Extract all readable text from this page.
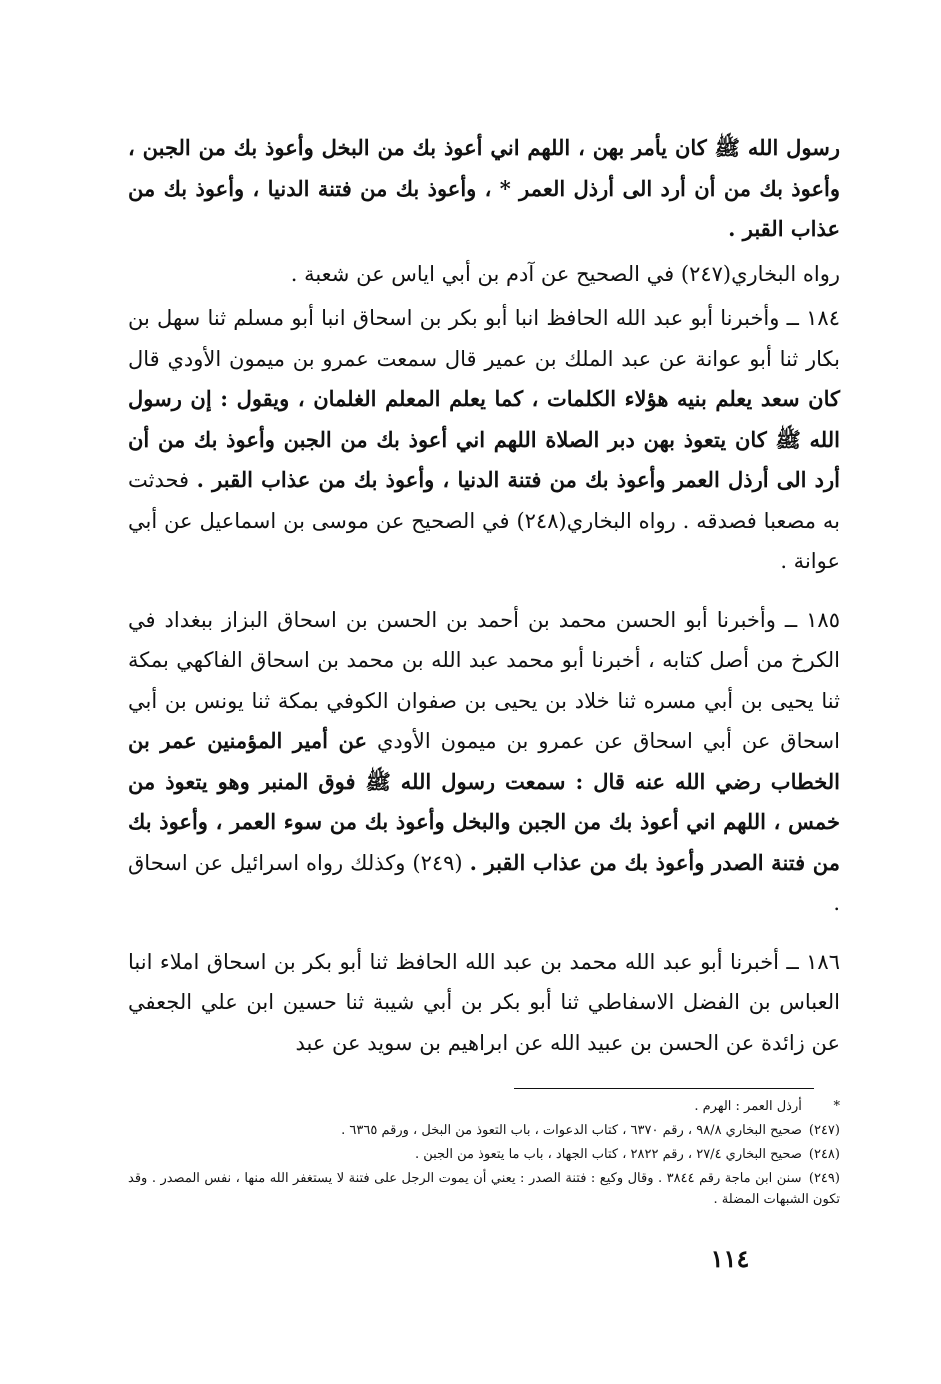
رسول الله ﷺ كان يأمر بهن ، اللهم اني أعوذ بك من البخل وأعوذ بك من الجبن ، وأعوذ بك من أن أرد الى أرذل العمر * ، وأعوذ بك من فتنة الدنيا ، وأعوذ بك من عذاب القبر .

رواه البخاري(٢٤٧) في الصحيح عن آدم بن أبي اياس عن شعبة .

١٨٤ ــ وأخبرنا أبو عبد الله الحافظ انبا أبو بكر بن اسحاق انبا أبو مسلم ثنا سهل بن بكار ثنا أبو عوانة عن عبد الملك بن عمير قال سمعت عمرو بن ميمون الأودي قال كان سعد يعلم بنيه هؤلاء الكلمات ، كما يعلم المعلم الغلمان ، ويقول : إن رسول الله ﷺ كان يتعوذ بهن دبر الصلاة اللهم اني أعوذ بك من الجبن وأعوذ بك من أن أرد الى أرذل العمر وأعوذ بك من فتنة الدنيا ، وأعوذ بك من عذاب القبر . فحدثت به مصعبا فصدقه . رواه البخاري(٢٤٨) في الصحيح عن موسى بن اسماعيل عن أبي عوانة .

١٨٥ ــ وأخبرنا أبو الحسن محمد بن أحمد بن الحسن بن اسحاق البزاز ببغداد في الكرخ من أصل كتابه ، أخبرنا أبو محمد عبد الله بن محمد بن اسحاق الفاكهي بمكة ثنا يحيى بن أبي مسره ثنا خلاد بن يحيى بن صفوان الكوفي بمكة ثنا يونس بن أبي اسحاق عن أبي اسحاق عن عمرو بن ميمون الأودي عن أمير المؤمنين عمر بن الخطاب رضي الله عنه قال : سمعت رسول الله ﷺ فوق المنبر وهو يتعوذ من خمس ، اللهم اني أعوذ بك من الجبن والبخل وأعوذ بك من سوء العمر ، وأعوذ بك من فتنة الصدر وأعوذ بك من عذاب القبر . (٢٤٩) وكذلك رواه اسرائيل عن اسحاق .

١٨٦ ــ أخبرنا أبو عبد الله محمد بن عبد الله الحافظ ثنا أبو بكر بن اسحاق املاء انبا العباس بن الفضل الاسفاطي ثنا أبو بكر بن أبي شيبة ثنا حسين ابن علي الجعفي عن زائدة عن الحسن بن عبيد الله عن ابراهيم بن سويد عن عبد

* أرذل العمر : الهرم .

(٢٤٧) صحيح البخاري ٩٨/٨ ، رقم ٦٣٧٠ ، كتاب الدعوات ، باب التعوذ من البخل ، ورقم ٦٣٦٥ .

(٢٤٨) صحيح البخاري ٢٧/٤ ، رقم ٢٨٢٢ ، كتاب الجهاد ، باب ما يتعوذ من الجبن .

(٢٤٩) سنن ابن ماجة رقم ٣٨٤٤ . وقال وكيع : فتنة الصدر : يعني أن يموت الرجل على فتنة لا يستغفر الله منها ، نفس المصدر . وقد تكون الشبهات المضلة .

١١٤
